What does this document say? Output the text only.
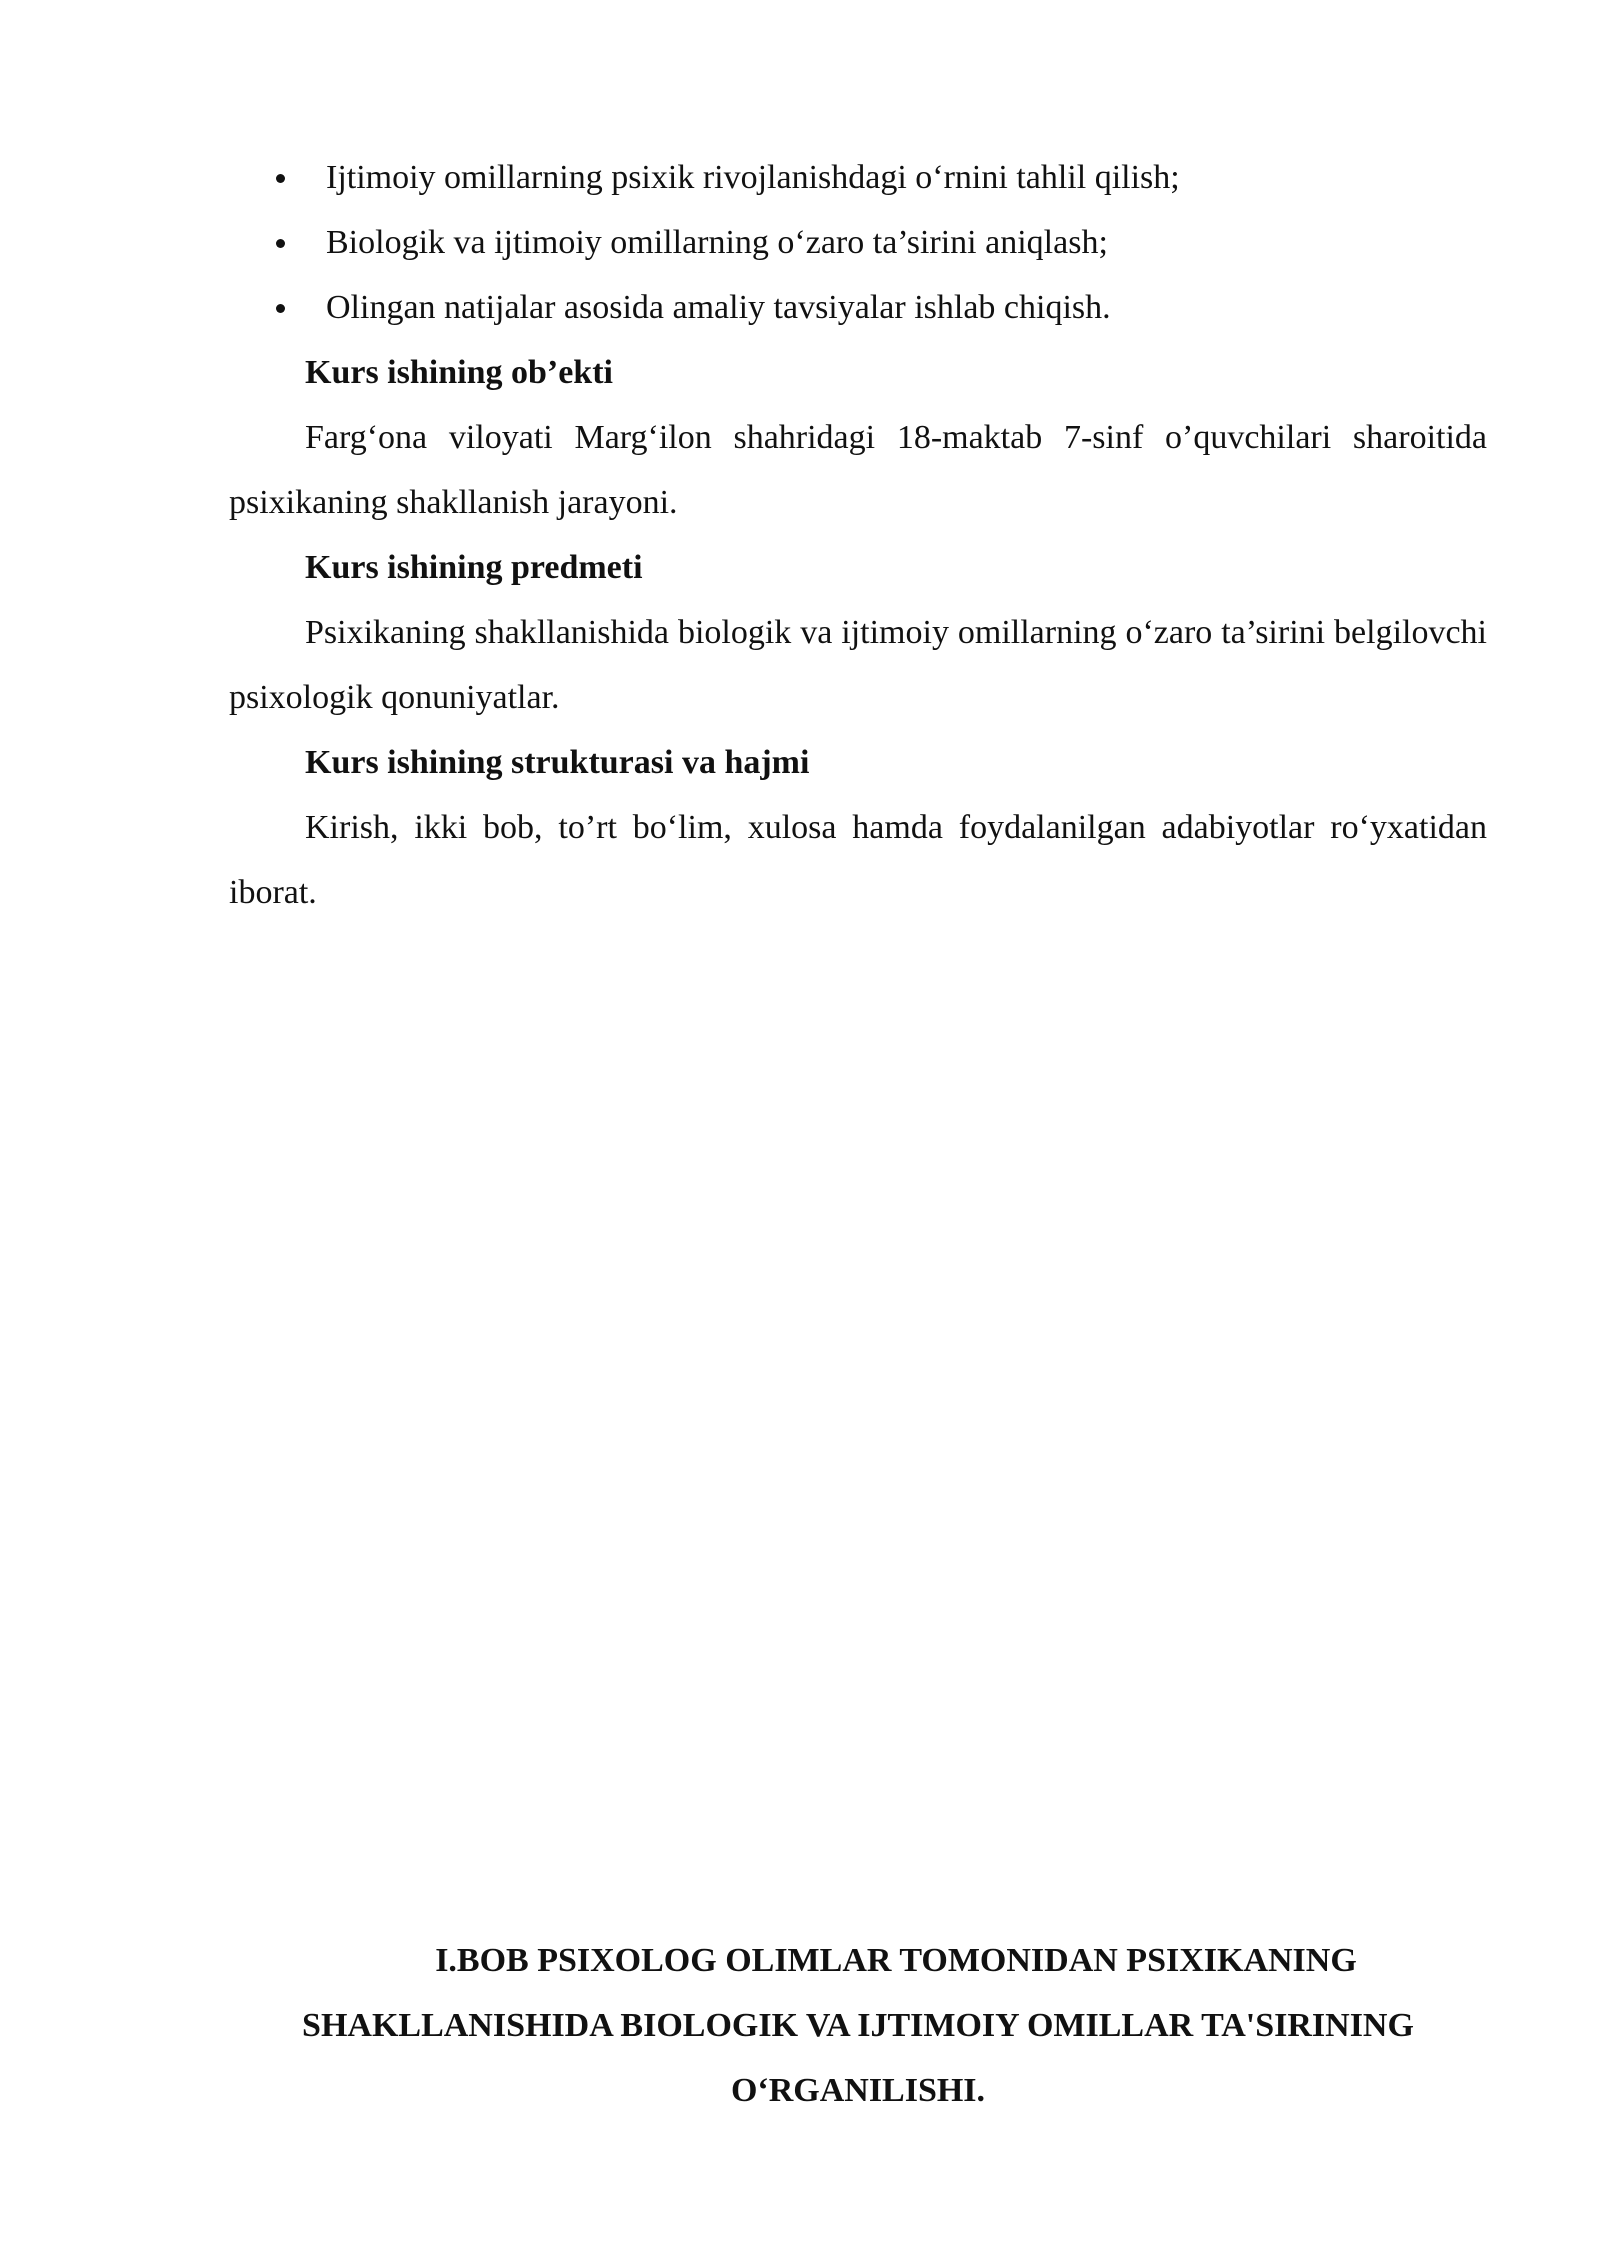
Ijtimoiy omillarning psixik rivojlanishdagi o‘rnini tahlil qilish;
Biologik va ijtimoiy omillarning o‘zaro ta’sirini aniqlash;
Olingan natijalar asosida amaliy tavsiyalar ishlab chiqish.
Kurs ishining ob’ekti

Farg‘ona viloyati Marg‘ilon shahridagi 18-maktab 7-sinf o’quvchilari sharoitida psixikaning shakllanish jarayoni.

Kurs ishining predmeti

Psixikaning shakllanishida biologik va ijtimoiy omillarning o‘zaro ta’sirini belgilovchi psixologik qonuniyatlar.

Kurs ishining strukturasi va hajmi

Kirish, ikki bob, to’rt bo‘lim, xulosa hamda foydalanilgan adabiyotlar ro‘yxatidan iborat.

I.BOB PSIXOLOG OLIMLAR TOMONIDAN PSIXIKANING
SHAKLLANISHIDA BIOLOGIK VA IJTIMOIY OMILLAR TA'SIRINING
O‘RGANILISHI.
